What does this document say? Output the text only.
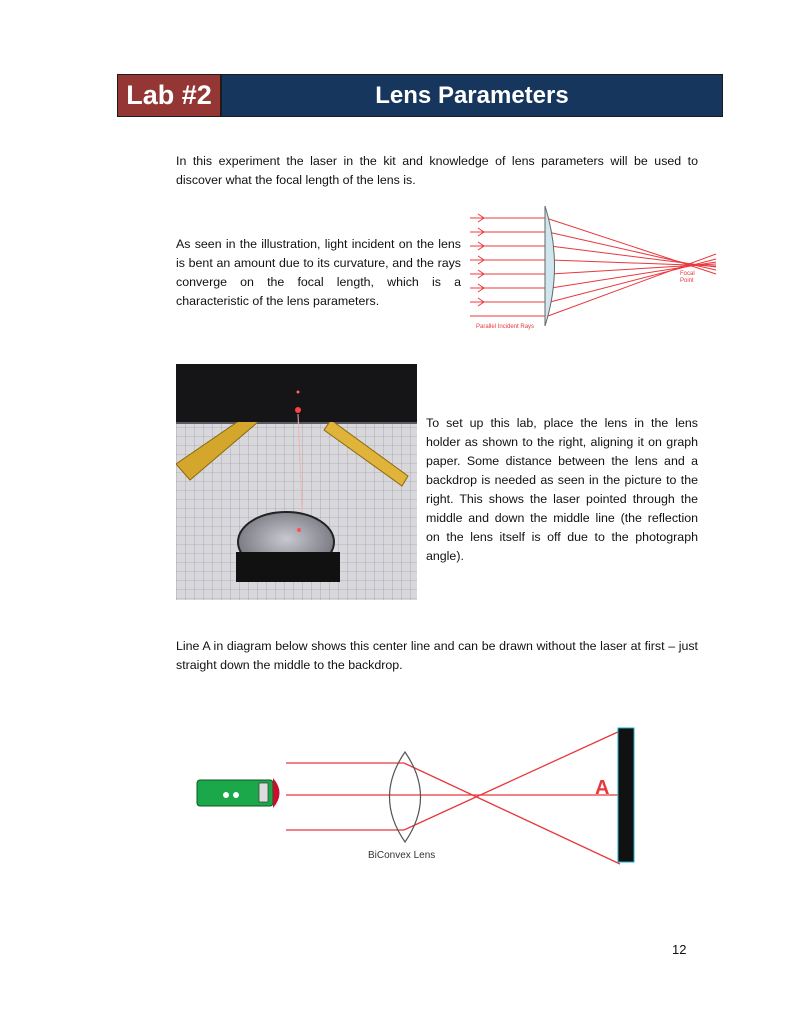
Lab #2	Lens Parameters
In this experiment the laser in the kit and knowledge of lens parameters will be used to discover what the focal length of the lens is.
As seen in the illustration, light incident on the lens is bent an amount due to its curvature, and the rays converge on the focal length, which is a characteristic of the lens parameters.
Focal
Point
Parallel Incident Rays
To set up this lab, place the lens in the lens holder as shown to the right, aligning it on graph paper. Some distance between the lens and a backdrop is needed as seen in the picture to the right. This shows the laser pointed through the middle and down the middle line (the reflection on the lens itself is off due to the photograph angle).
Line A in diagram below shows this center line and can be drawn without the laser at first – just straight down the middle to the backdrop.
A
BiConvex Lens
12
